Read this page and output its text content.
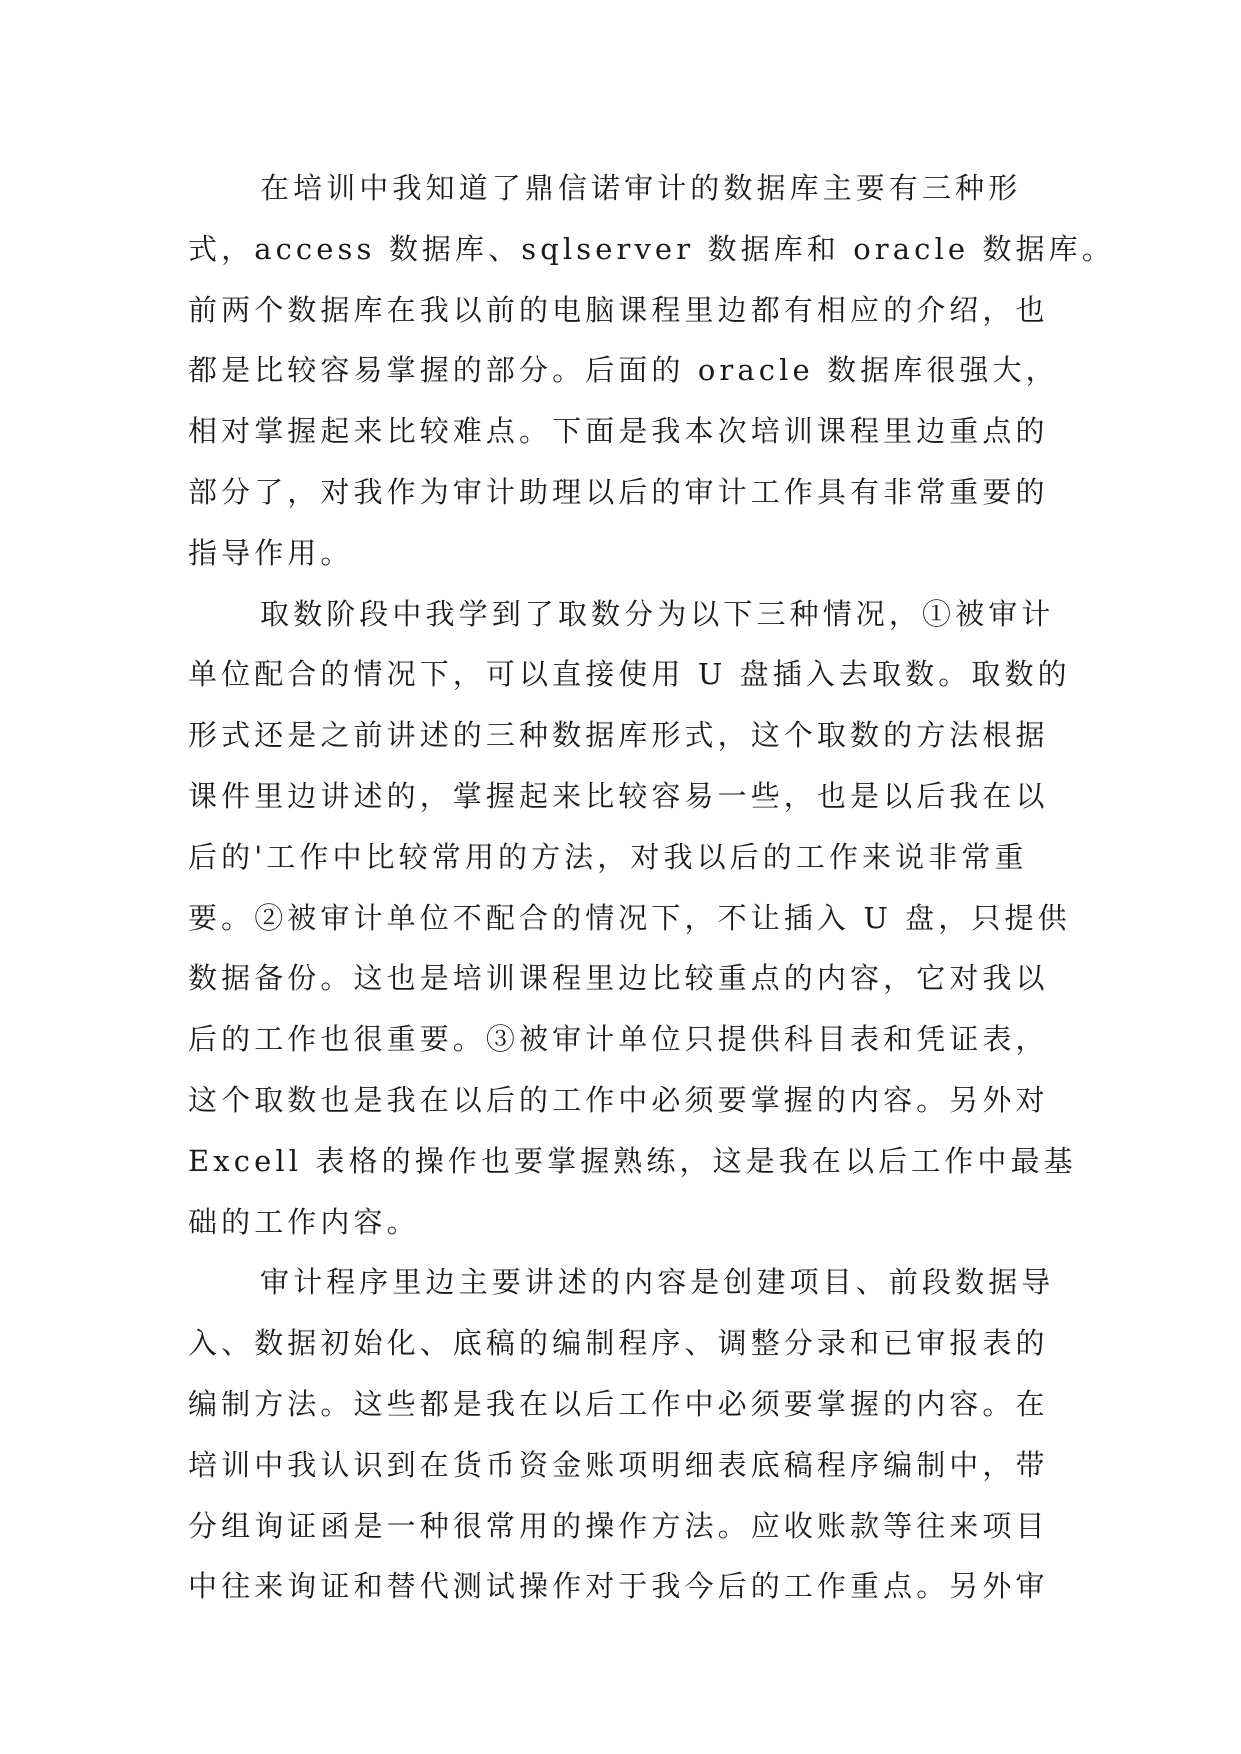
在培训中我知道了鼎信诺审计的数据库主要有三种形
式，access 数据库、sqlserver 数据库和 oracle 数据库。
前两个数据库在我以前的电脑课程里边都有相应的介绍，也
都是比较容易掌握的部分。后面的 oracle 数据库很强大，
相对掌握起来比较难点。下面是我本次培训课程里边重点的
部分了，对我作为审计助理以后的审计工作具有非常重要的
指导作用。
取数阶段中我学到了取数分为以下三种情况，①被审计
单位配合的情况下，可以直接使用 U 盘插入去取数。取数的
形式还是之前讲述的三种数据库形式，这个取数的方法根据
课件里边讲述的，掌握起来比较容易一些，也是以后我在以
后的'工作中比较常用的方法，对我以后的工作来说非常重
要。②被审计单位不配合的情况下，不让插入 U 盘，只提供
数据备份。这也是培训课程里边比较重点的内容，它对我以
后的工作也很重要。③被审计单位只提供科目表和凭证表，
这个取数也是我在以后的工作中必须要掌握的内容。另外对
Excell 表格的操作也要掌握熟练，这是我在以后工作中最基
础的工作内容。
审计程序里边主要讲述的内容是创建项目、前段数据导
入、数据初始化、底稿的编制程序、调整分录和已审报表的
编制方法。这些都是我在以后工作中必须要掌握的内容。在
培训中我认识到在货币资金账项明细表底稿程序编制中，带
分组询证函是一种很常用的操作方法。应收账款等往来项目
中往来询证和替代测试操作对于我今后的工作重点。另外审
